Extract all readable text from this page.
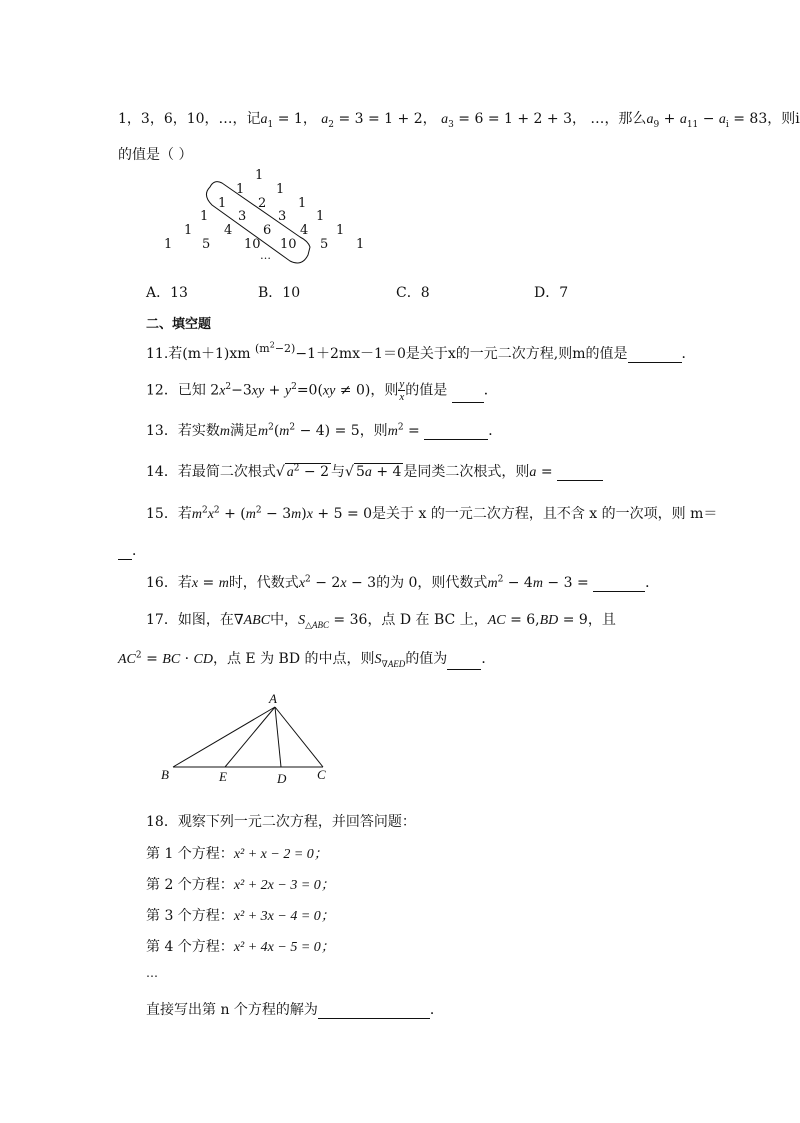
1，3，6，10，…，记$a_1 = 1$， $a_2 = 3 = 1 + 2$， $a_3 = 6 = 1 + 2 + 3$， …，那么$a_9 + a_{11} - a_i = 83$，则i
的值是（ ）
1
1 1
1 2 1
1 3 3 1
1 4 6 4 1
1 5	10 10 5 1
…
A．13	B．10	C．8	D．7
二、填空题
11.若(m＋1)xm $^{(m^2-2)}$−1＋2mx－1＝0是关于x的一元二次方程,则m的值是	．
12．已知 $2x^2-3xy + y^2=0(xy \ne 0)$，则 $\frac{y}{x}$ 的值是	．
13．若实数m满足$m^2(m^2 - 4) = 5$，则$m^2$ =	．
14．若最简二次根式√ $a^2 - 2$ 与√ 5a + 4 是同类二次根式，则a =
15．若$m^2x^2 + (m^2 - 3m)x + 5 = 0$是关于 x 的一元二次方程，且不含 x 的一次项，则 m＝
．
16．若x = m时，代数式$x^2 - 2x - 3$的为 0，则代数式$m^2 - 4m - 3$ =	．
17．如图，在∇ABC中，$S_{\triangle ABC} = 36$，点 D 在 BC 上，AC = 6,BD = 9，且
$AC^2$ = BC · CD，点 E 为 BD 的中点，则$S_{\nabla AED}$的值为 ．
A
B	E	D C
18．观察下列一元二次方程，并回答问题：
第 1 个方程：x² + x − 2 = 0；
第 2 个方程：x² + 2x − 3 = 0；
第 3 个方程：x² + 3x − 4 = 0；
第 4 个方程：x² + 4x − 5 = 0；
…
直接写出第 n 个方程的解为	．
